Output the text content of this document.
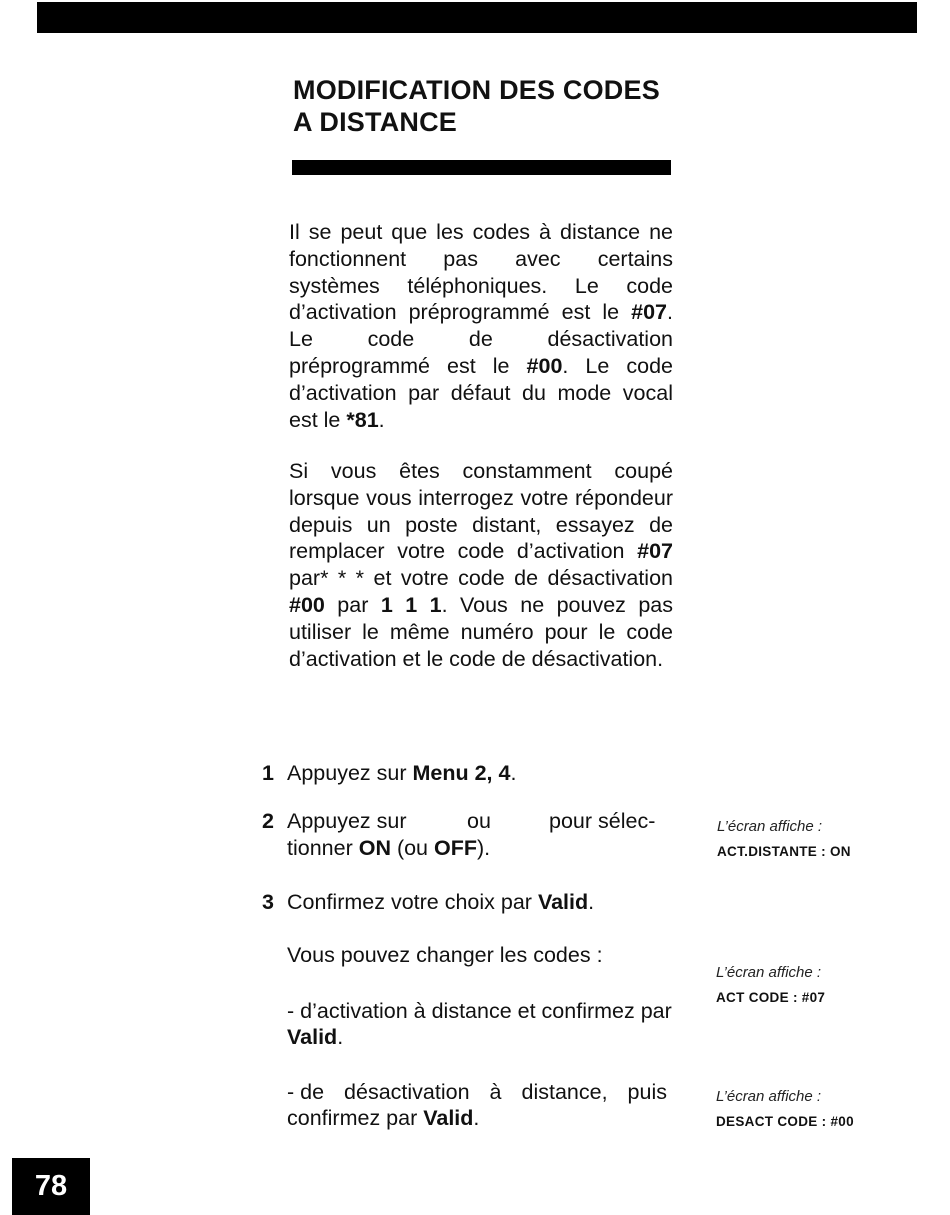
MODIFICATION DES CODES
A DISTANCE

Il se peut que les codes à distance ne fonctionnent pas avec certains systèmes téléphoniques. Le code d’activation préprogrammé est le #07. Le code de désactivation préprogrammé est le #00. Le code d’activation par défaut du mode vocal est le *81.

Si vous êtes constamment coupé lorsque vous interrogez votre répondeur depuis un poste distant, essayez de remplacer votre code d’activation #07 par* * * et votre code de désactivation #00 par 1 1 1. Vous ne pouvez pas utiliser le même numéro pour le code d’activation et le code de désactivation.

1 Appuyez sur Menu 2, 4.
2 Appuyez sur	ou	pour sélec-
tionner ON (ou OFF).
3 Confirmez votre choix par Valid.
Vous pouvez changer les codes :
- d’activation à distance et confirmez par Valid.
- de désactivation à distance, puis
confirmez par Valid.
L’écran affiche :
ACT.DISTANTE : ON
L’écran affiche :
ACT CODE : #07
L’écran affiche :
DESACT CODE : #00
78
